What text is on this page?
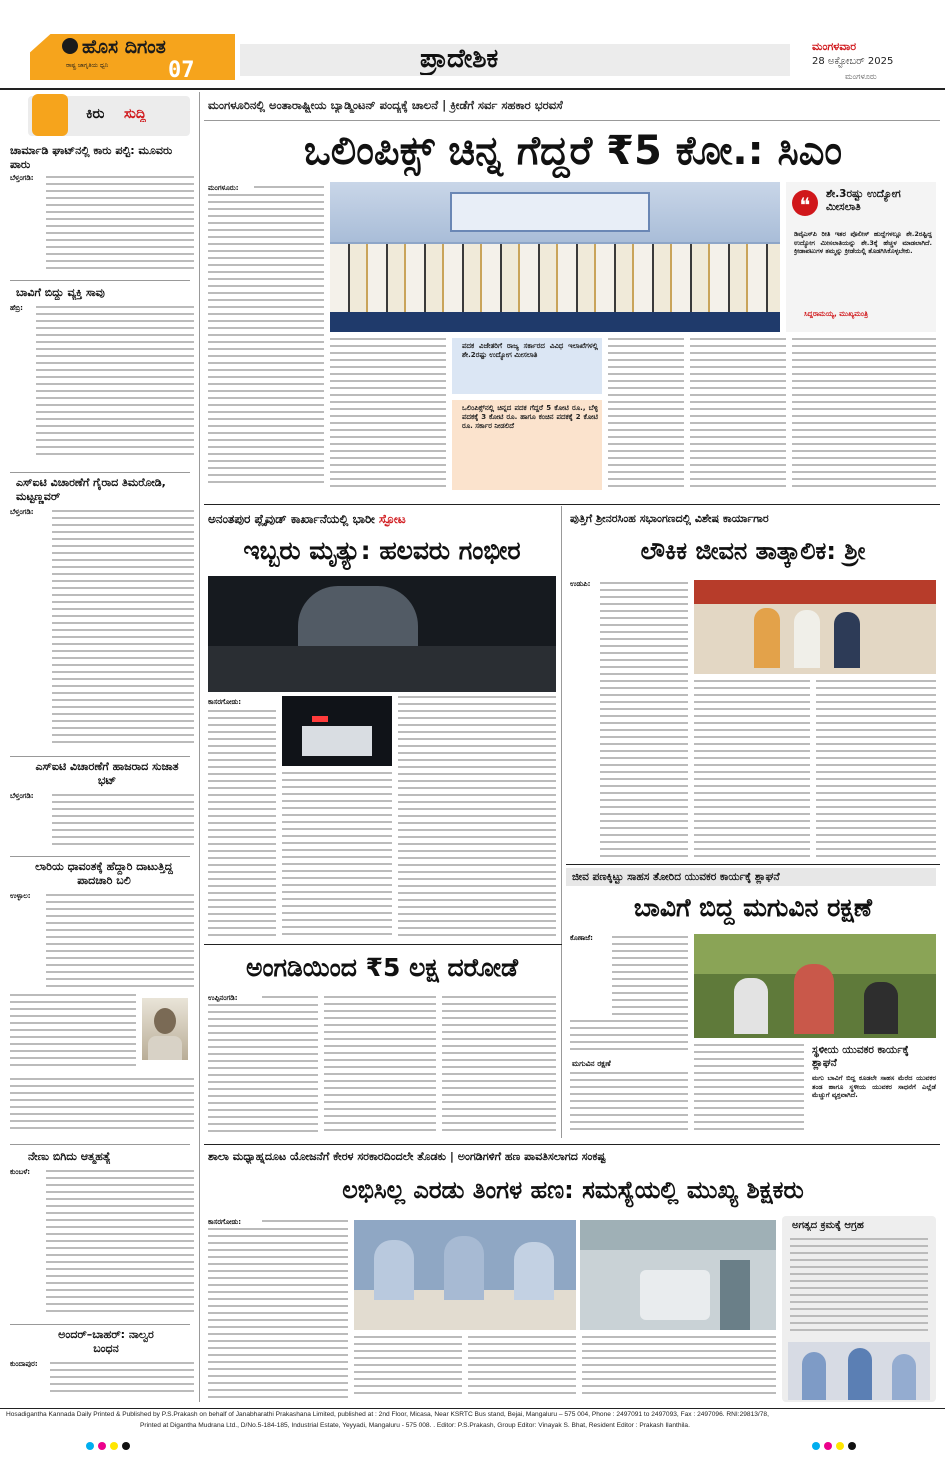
ಹೊಸ ದಿಗಂತ
ರಾಷ್ಟ್ರ ಜಾಗೃತಿಯ ಧ್ವನಿ	07	ಪ್ರಾದೇಶಿಕ	ಮಂಗಳವಾರ
28 ಅಕ್ಟೋಬರ್ 2025
ಮಂಗಳೂರು
ಕಿರು ಸುದ್ದಿ
ಚಾರ್ಮಾಡಿ ಘಾಟ್‌ನಲ್ಲಿ ಕಾರು ಪಲ್ಟಿ: ಮೂವರು ಪಾರು
ಬೆಳ್ತಂಗಡಿ:
ಬಾವಿಗೆ ಬಿದ್ದು ವ್ಯಕ್ತಿ ಸಾವು
ಹೆಬ್ರಿ:
ಎಸ್‌ಐಟಿ ವಿಚಾರಣೆಗೆ ಗೈರಾದ ತಿಮರೋಡಿ, ಮಟ್ಟಣ್ಣವರ್
ಬೆಳ್ತಂಗಡಿ:
ಎಸ್‌ಐಟಿ ವಿಚಾರಣೆಗೆ ಹಾಜರಾದ ಸುಜಾತ ಭಟ್
ಬೆಳ್ತಂಗಡಿ:
ಲಾರಿಯ ಧಾವಂತಕ್ಕೆ ಹೆದ್ದಾರಿ ದಾಟುತ್ತಿದ್ದ ಪಾದಚಾರಿ ಬಲಿ
ಉಳ್ಳಾಲ:
ನೇಣು ಬಿಗಿದು ಆತ್ಮಹತ್ಯೆ
ಕುಂಬಳೆ:
ಅಂದರ್–ಬಾಹರ್: ನಾಲ್ವರ ಬಂಧನ
ಕುಂದಾಪುರ:
ಮಂಗಳೂರಿನಲ್ಲಿ ಅಂತಾರಾಷ್ಟ್ರೀಯ ಬ್ಯಾಡ್ಮಿಂಟನ್ ಪಂದ್ಯಕ್ಕೆ ಚಾಲನೆ | ಕ್ರೀಡೆಗೆ ಸರ್ವ ಸಹಕಾರ ಭರವಸೆ
ಒಲಿಂಪಿಕ್ಸ್ ಚಿನ್ನ ಗೆದ್ದರೆ ₹5 ಕೋ.: ಸಿಎಂ
ಮಂಗಳೂರು:
❝	ಶೇ.3ರಷ್ಟು ಉದ್ಯೋಗ ಮೀಸಲಾತಿ
ಡಿವೈಎಸ್‌ಪಿ ರೀತಿ ಇತರ ಪೊಲೀಸ್ ಹುದ್ದೆಗಳಲ್ಲೂ ಶೇ.2ರಷ್ಟಿದ್ದ ಉದ್ಯೋಗ ಮೀಸಲಾತಿಯನ್ನು ಶೇ.3ಕ್ಕೆ ಹೆಚ್ಚಳ ಮಾಡಲಾಗಿದೆ. ಕ್ರೀಡಾಪಟುಗಳ ತಮ್ಮನ್ನು ಕ್ರೀಡೆಯಲ್ಲಿ ತೊಡಗಿಸಿಕೊಳ್ಳಬೇಕು.
ಸಿದ್ದರಾಮಯ್ಯ, ಮುಖ್ಯಮಂತ್ರಿ
ಪದಕ ವಿಜೇತರಿಗೆ ರಾಜ್ಯ ಸರ್ಕಾರದ ವಿವಿಧ ಇಲಾಖೆಗಳಲ್ಲಿ ಶೇ.2ರಷ್ಟು ಉದ್ಯೋಗ ಮೀಸಲಾತಿ
ಒಲಿಂಪಿಕ್ಸ್‌ನಲ್ಲಿ ಚಿನ್ನದ ಪದಕ ಗೆದ್ದರೆ 5 ಕೋಟಿ ರೂ., ಬೆಳ್ಳಿ ಪದಕಕ್ಕೆ 3 ಕೋಟಿ ರೂ. ಹಾಗೂ ಕಂಚಿನ ಪದಕಕ್ಕೆ 2 ಕೋಟಿ ರೂ. ಸರ್ಕಾರ ನೀಡಲಿದೆ
ಅನಂತಪುರ ಪ್ಲೈವುಡ್ ಕಾರ್ಖಾನೆಯಲ್ಲಿ ಭಾರೀ ಸ್ಫೋಟ
ಇಬ್ಬರು ಮೃತ್ಯು: ಹಲವರು ಗಂಭೀರ
ಕಾಸರಗೋಡು:
ಪುತ್ತಿಗೆ ಶ್ರೀನರಸಿಂಹ ಸಭಾಂಗಣದಲ್ಲಿ ವಿಶೇಷ ಕಾರ್ಯಾಗಾರ
ಲೌಕಿಕ ಜೀವನ ತಾತ್ಕಾಲಿಕ: ಶ್ರೀ
ಉಡುಪಿ:
ಜೀವ ಪಣಕ್ಕಿಟ್ಟು ಸಾಹಸ ತೋರಿದ ಯುವಕರ ಕಾರ್ಯಕ್ಕೆ ಶ್ಲಾಘನೆ
ಬಾವಿಗೆ ಬಿದ್ದ ಮಗುವಿನ ರಕ್ಷಣೆ
ಕೊಣಾಜೆ:
ಮಗುವಿನ ರಕ್ಷಣೆ
ಸ್ಥಳೀಯ ಯುವಕರ ಕಾರ್ಯಕ್ಕೆ ಶ್ಲಾಘನೆ
ಮಗು ಬಾವಿಗೆ ಬಿದ್ದ ಕೂಡಲೇ ಸಾಹಸ ಮೆರೆದ ಯುವಕರ ತಂಡ ಹಾಗೂ ಸ್ಥಳೀಯ ಯುವಕರ ಸಾಧನೆಗೆ ಎಲ್ಲೆಡೆ ಮೆಚ್ಚುಗೆ ವ್ಯಕ್ತವಾಗಿದೆ.
ಅಂಗಡಿಯಿಂದ ₹5 ಲಕ್ಷ ದರೋಡೆ
ಉಪ್ಪಿನಂಗಡಿ:
ಶಾಲಾ ಮಧ್ಯಾಹ್ನದೂಟ ಯೋಜನೆಗೆ ಕೇರಳ ಸರಕಾರದಿಂದಲೇ ತೊಡಕು | ಅಂಗಡಿಗಳಿಗೆ ಹಣ ಪಾವತಿಸಲಾಗದ ಸಂಕಷ್ಟ
ಲಭಿಸಿಲ್ಲ ಎರಡು ತಿಂಗಳ ಹಣ: ಸಮಸ್ಯೆಯಲ್ಲಿ ಮುಖ್ಯ ಶಿಕ್ಷಕರು
ಕಾಸರಗೋಡು:	ಅಗತ್ಯದ ಕ್ರಮಕ್ಕೆ ಆಗ್ರಹ
Hosadigantha Kannada Daily Printed & Published by P.S.Prakash on behalf of Janabharathi Prakashana Limited, published at : 2nd Floor, Micasa, Near KSRTC Bus stand, Bejai, Mangaluru – 575 004, Phone : 2497091 to 2497093, Fax : 2497096. RNI:29813/78,
Printed at Digantha Mudrana Ltd., D/No.5-184-185, Industrial Estate, Yeyyadi, Mangaluru - 575 008. . Editor: P.S.Prakash, Group Editor: Vinayak S. Bhat, Resident Editor : Prakash Ilanthila.
